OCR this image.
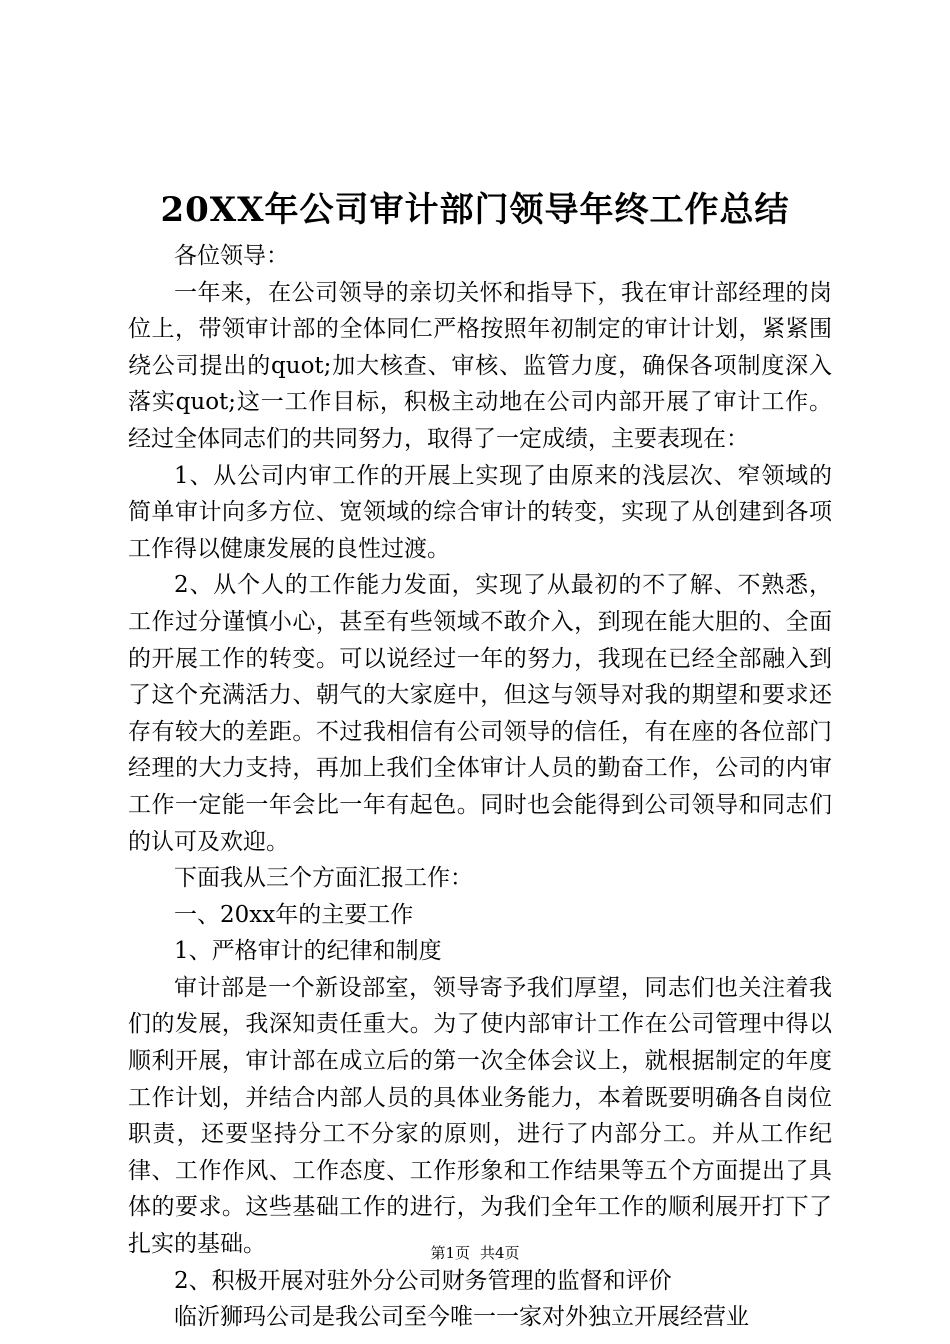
20XX年公司审计部门领导年终工作总结

各位领导：

一年来，在公司领导的亲切关怀和指导下，我在审计部经理的岗位上，带领审计部的全体同仁严格按照年初制定的审计计划，紧紧围绕公司提出的quot;加大核查、审核、监管力度，确保各项制度深入落实quot;这一工作目标，积极主动地在公司内部开展了审计工作。经过全体同志们的共同努力，取得了一定成绩，主要表现在：

1、从公司内审工作的开展上实现了由原来的浅层次、窄领域的简单审计向多方位、宽领域的综合审计的转变，实现了从创建到各项工作得以健康发展的良性过渡。

2、从个人的工作能力发面，实现了从最初的不了解、不熟悉，工作过分谨慎小心，甚至有些领域不敢介入，到现在能大胆的、全面的开展工作的转变。可以说经过一年的努力，我现在已经全部融入到了这个充满活力、朝气的大家庭中，但这与领导对我的期望和要求还存有较大的差距。不过我相信有公司领导的信任，有在座的各位部门经理的大力支持，再加上我们全体审计人员的勤奋工作，公司的内审工作一定能一年会比一年有起色。同时也会能得到公司领导和同志们的认可及欢迎。

下面我从三个方面汇报工作：

一、20xx年的主要工作

1、严格审计的纪律和制度

审计部是一个新设部室，领导寄予我们厚望，同志们也关注着我们的发展，我深知责任重大。为了使内部审计工作在公司管理中得以顺利开展，审计部在成立后的第一次全体会议上，就根据制定的年度工作计划，并结合内部人员的具体业务能力，本着既要明确各自岗位职责，还要坚持分工不分家的原则，进行了内部分工。并从工作纪律、工作作风、工作态度、工作形象和工作结果等五个方面提出了具体的要求。这些基础工作的进行，为我们全年工作的顺利展开打下了扎实的基础。

2、积极开展对驻外分公司财务管理的监督和评价

临沂狮玛公司是我公司至今唯一一家对外独立开展经营业

第1页 共4页
